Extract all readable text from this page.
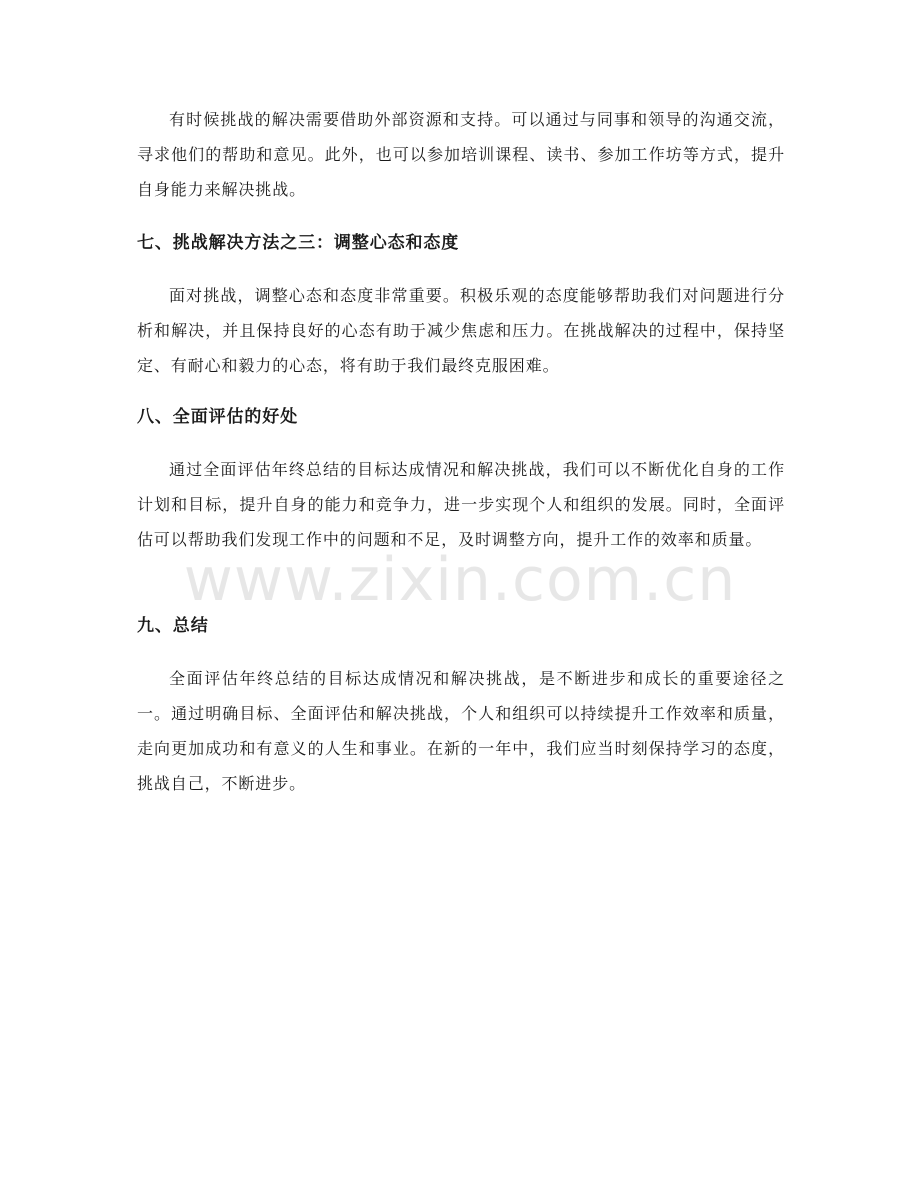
有时候挑战的解决需要借助外部资源和支持。可以通过与同事和领导的沟通交流，寻求他们的帮助和意见。此外，也可以参加培训课程、读书、参加工作坊等方式，提升自身能力来解决挑战。

七、挑战解决方法之三：调整心态和态度

面对挑战，调整心态和态度非常重要。积极乐观的态度能够帮助我们对问题进行分析和解决，并且保持良好的心态有助于减少焦虑和压力。在挑战解决的过程中，保持坚定、有耐心和毅力的心态，将有助于我们最终克服困难。

八、全面评估的好处

通过全面评估年终总结的目标达成情况和解决挑战，我们可以不断优化自身的工作计划和目标，提升自身的能力和竞争力，进一步实现个人和组织的发展。同时，全面评估可以帮助我们发现工作中的问题和不足，及时调整方向，提升工作的效率和质量。

九、总结

全面评估年终总结的目标达成情况和解决挑战，是不断进步和成长的重要途径之一。通过明确目标、全面评估和解决挑战，个人和组织可以持续提升工作效率和质量，走向更加成功和有意义的人生和事业。在新的一年中，我们应当时刻保持学习的态度，挑战自己，不断进步。

www.zixin.com.cn
